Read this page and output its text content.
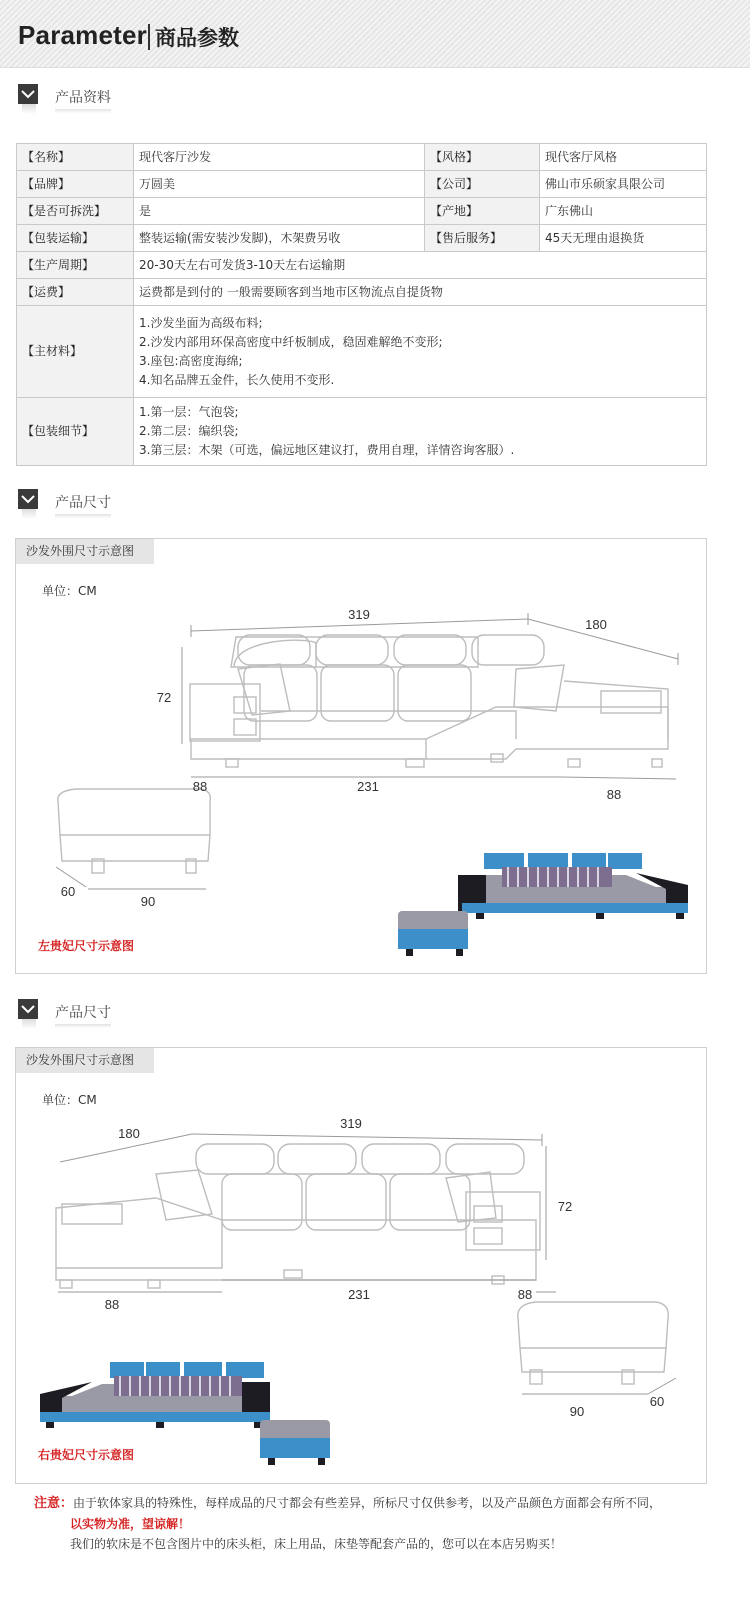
Parameter 商品参数
产品资料
【名称】	现代客厅沙发	【风格】	现代客厅风格
【品牌】	万圆美	【公司】	佛山市乐硕家具限公司
【是否可拆洗】	是	【产地】	广东佛山
【包装运输】	整装运输(需安装沙发脚)，木架费另收	【售后服务】	45天无理由退换货
【生产周期】	20-30天左右可发货3-10天左右运输期		
【运费】	运费都是到付的 一般需要顾客到当地市区物流点自提货物		
【主材料】	1.沙发坐面为高级布料;
2.沙发内部用环保高密度中纤板制成，稳固难解绝不变形;
3.座包:高密度海绵;
4.知名品牌五金件，长久使用不变形.		

【包装细节】	1.第一层：气泡袋;
2.第二层：编织袋;
3.第三层：木架（可选，偏远地区建议打，费用自理，详情咨询客服）.		
产品尺寸
沙发外围尺寸示意图
单位：CM
319
180
72
88	231
88
60
90
左贵妃尺寸示意图
产品尺寸
沙发外围尺寸示意图
单位：CM
180
319
72
88
231	88
90
60
右贵妃尺寸示意图
注意：由于软体家具的特殊性，每样成品的尺寸都会有些差异，所标尺寸仅供参考，以及产品颜色方面都会有所不同，
以实物为准，望谅解！
我们的软床是不包含图片中的床头柜，床上用品，床垫等配套产品的，您可以在本店另购买！
